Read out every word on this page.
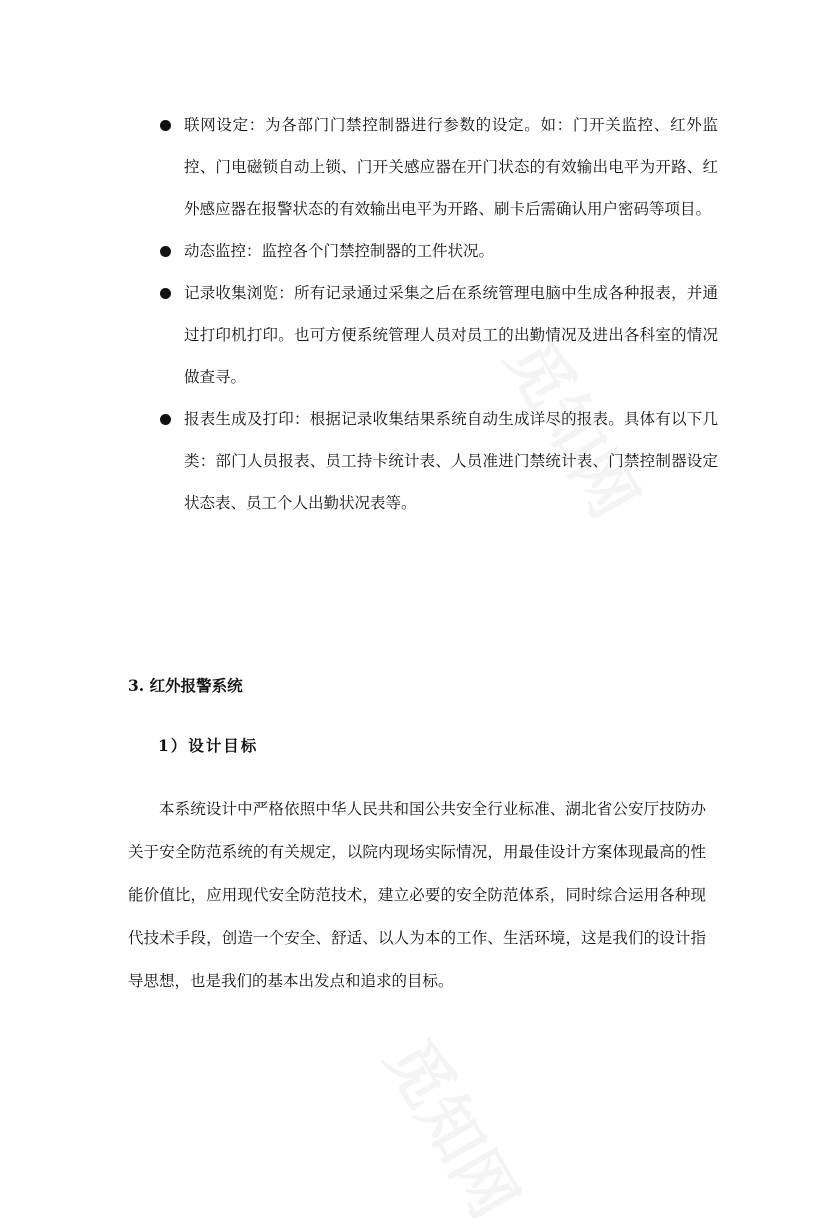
联网设定：为各部门门禁控制器进行参数的设定。如：门开关监控、红外监控、门电磁锁自动上锁、门开关感应器在开门状态的有效输出电平为开路、红外感应器在报警状态的有效输出电平为开路、刷卡后需确认用户密码等项目。
动态监控：监控各个门禁控制器的工件状况。
记录收集浏览：所有记录通过采集之后在系统管理电脑中生成各种报表，并通过打印机打印。也可方便系统管理人员对员工的出勤情况及进出各科室的情况做查寻。
报表生成及打印：根据记录收集结果系统自动生成详尽的报表。具体有以下几类：部门人员报表、员工持卡统计表、人员准进门禁统计表、门禁控制器设定状态表、员工个人出勤状况表等。
3. 红外报警系统
1）设计目标

本系统设计中严格依照中华人民共和国公共安全行业标准、湖北省公安厅技防办关于安全防范系统的有关规定，以院内现场实际情况，用最佳设计方案体现最高的性能价值比，应用现代安全防范技术，建立必要的安全防范体系，同时综合运用各种现代技术手段，创造一个安全、舒适、以人为本的工作、生活环境，这是我们的设计指导思想，也是我们的基本出发点和追求的目标。

觅知网
觅知网
